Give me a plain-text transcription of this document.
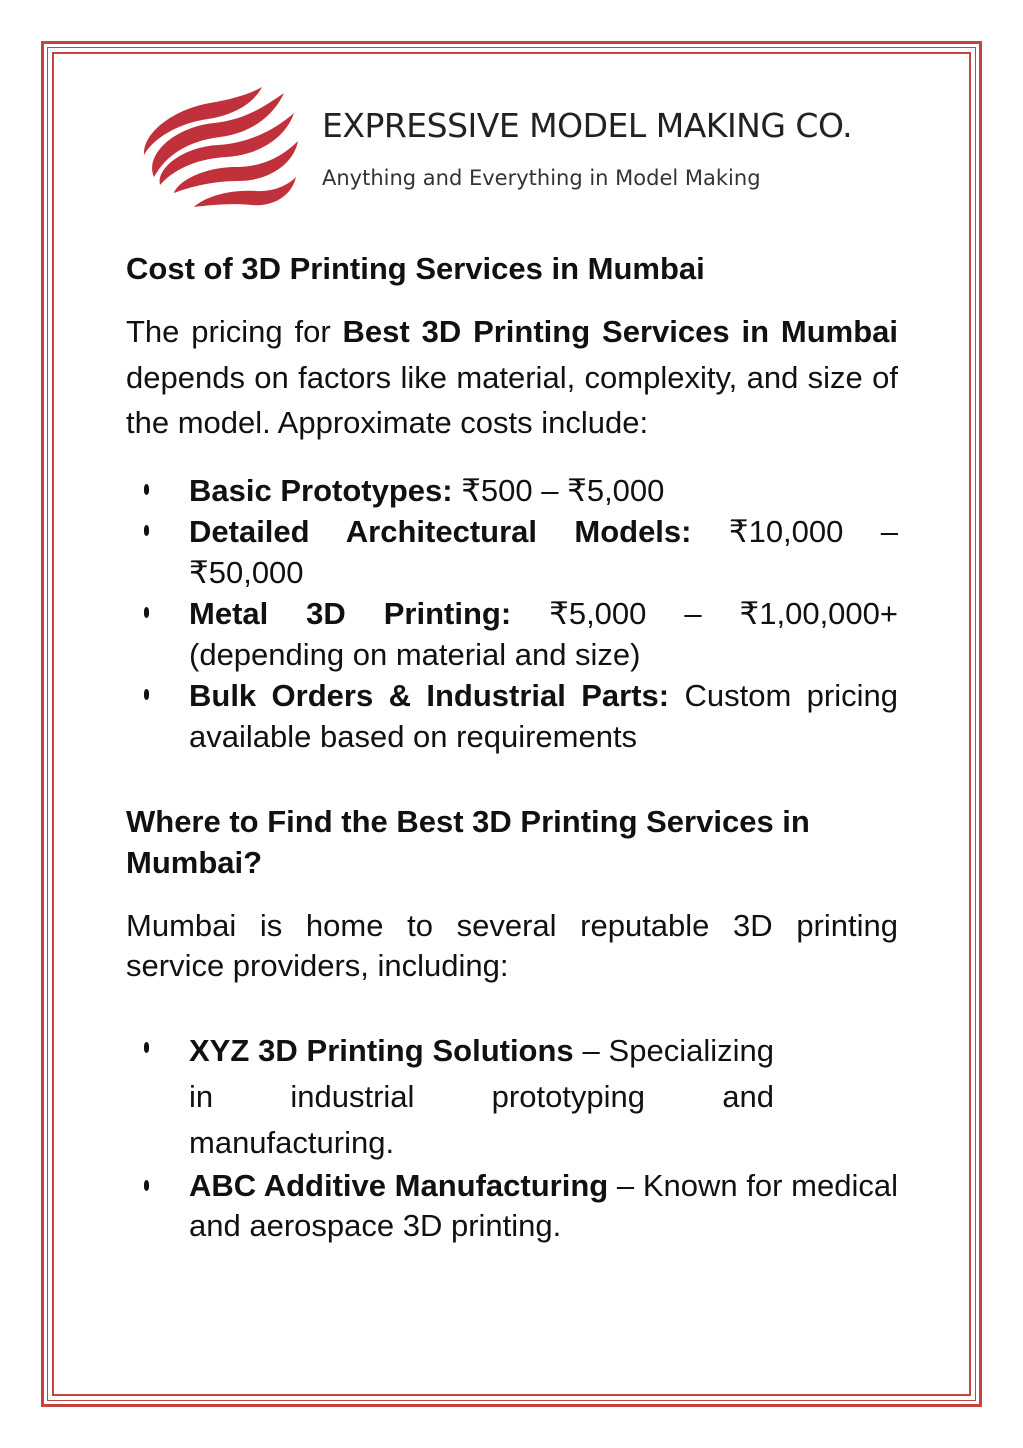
EXPRESSIVE MODEL MAKING CO.
Anything and Everything in Model Making
Cost of 3D Printing Services in Mumbai

The pricing for Best 3D Printing Services in Mumbai depends on factors like material, complexity, and size of the model. Approximate costs include:

Basic Prototypes: ₹500 – ₹5,000
Detailed Architectural Models: ₹10,000 – ₹50,000
Metal 3D Printing: ₹5,000 – ₹1,00,000+ (depending on material and size)
Bulk Orders & Industrial Parts: Custom pricing available based on requirements
Where to Find the Best 3D Printing Services in Mumbai?

Mumbai is home to several reputable 3D printing service providers, including:

XYZ 3D Printing Solutions – Specializing in industrial prototyping and manufacturing.
ABC Additive Manufacturing – Known for medical and aerospace 3D printing.
